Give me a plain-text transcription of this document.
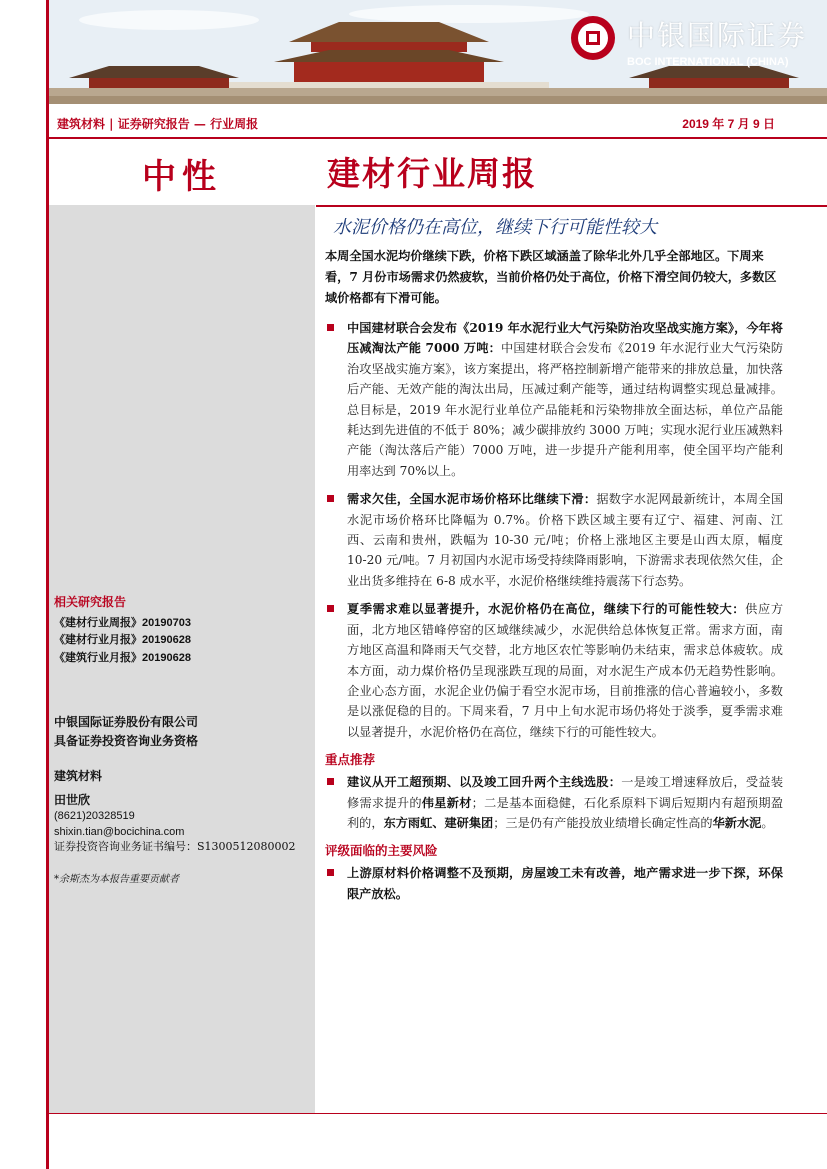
中银国际证券
BOC INTERNATIONAL (CHINA)
建筑材料 | 证券研究报告 — 行业周报	2019 年 7 月 9 日
中性
相关研究报告
《建材行业周报》20190703
《建材行业月报》20190628
《建筑行业月报》20190628
中银国际证券股份有限公司
具备证券投资咨询业务资格
建筑材料
田世欣
(8621)20328519
shixin.tian@bocichina.com
证券投资咨询业务证书编号：S1300512080002
*余斯杰为本报告重要贡献者
建材行业周报
水泥价格仍在高位，继续下行可能性较大
本周全国水泥均价继续下跌，价格下跌区域涵盖了除华北外几乎全部地区。下周来看，7 月份市场需求仍然疲软，当前价格仍处于高位，价格下滑空间仍较大，多数区域价格都有下滑可能。
中国建材联合会发布《2019 年水泥行业大气污染防治攻坚战实施方案》，今年将压减淘汰产能 7000 万吨：中国建材联合会发布《2019 年水泥行业大气污染防治攻坚战实施方案》，该方案提出，将严格控制新增产能带来的排放总量，加快落后产能、无效产能的淘汰出局，压减过剩产能等，通过结构调整实现总量减排。总目标是，2019 年水泥行业单位产品能耗和污染物排放全面达标，单位产品能耗达到先进值的不低于 80%；减少碳排放约 3000 万吨；实现水泥行业压减熟料产能（淘汰落后产能）7000 万吨，进一步提升产能利用率，使全国平均产能利用率达到 70%以上。
需求欠佳，全国水泥市场价格环比继续下滑：据数字水泥网最新统计，本周全国水泥市场价格环比降幅为 0.7%。价格下跌区域主要有辽宁、福建、河南、江西、云南和贵州，跌幅为 10-30 元/吨；价格上涨地区主要是山西太原，幅度 10-20 元/吨。7 月初国内水泥市场受持续降雨影响，下游需求表现依然欠佳，企业出货多维持在 6-8 成水平，水泥价格继续维持震荡下行态势。
夏季需求难以显著提升，水泥价格仍在高位，继续下行的可能性较大：供应方面，北方地区错峰停窑的区域继续减少，水泥供给总体恢复正常。需求方面，南方地区高温和降雨天气交替，北方地区农忙等影响仍未结束，需求总体疲软。成本方面，动力煤价格仍呈现涨跌互现的局面，对水泥生产成本仍无趋势性影响。企业心态方面，水泥企业仍偏于看空水泥市场，目前推涨的信心普遍较小，多数是以涨促稳的目的。下周来看，7 月中上旬水泥市场仍将处于淡季，夏季需求难以显著提升，水泥价格仍在高位，继续下行的可能性较大。
重点推荐
建议从开工超预期、以及竣工回升两个主线选股：一是竣工增速释放后，受益装修需求提升的伟星新材；二是基本面稳健，石化系原料下调后短期内有超预期盈利的，东方雨虹、建研集团；三是仍有产能投放业绩增长确定性高的华新水泥。
评级面临的主要风险
上游原材料价格调整不及预期，房屋竣工未有改善，地产需求进一步下探，环保限产放松。
